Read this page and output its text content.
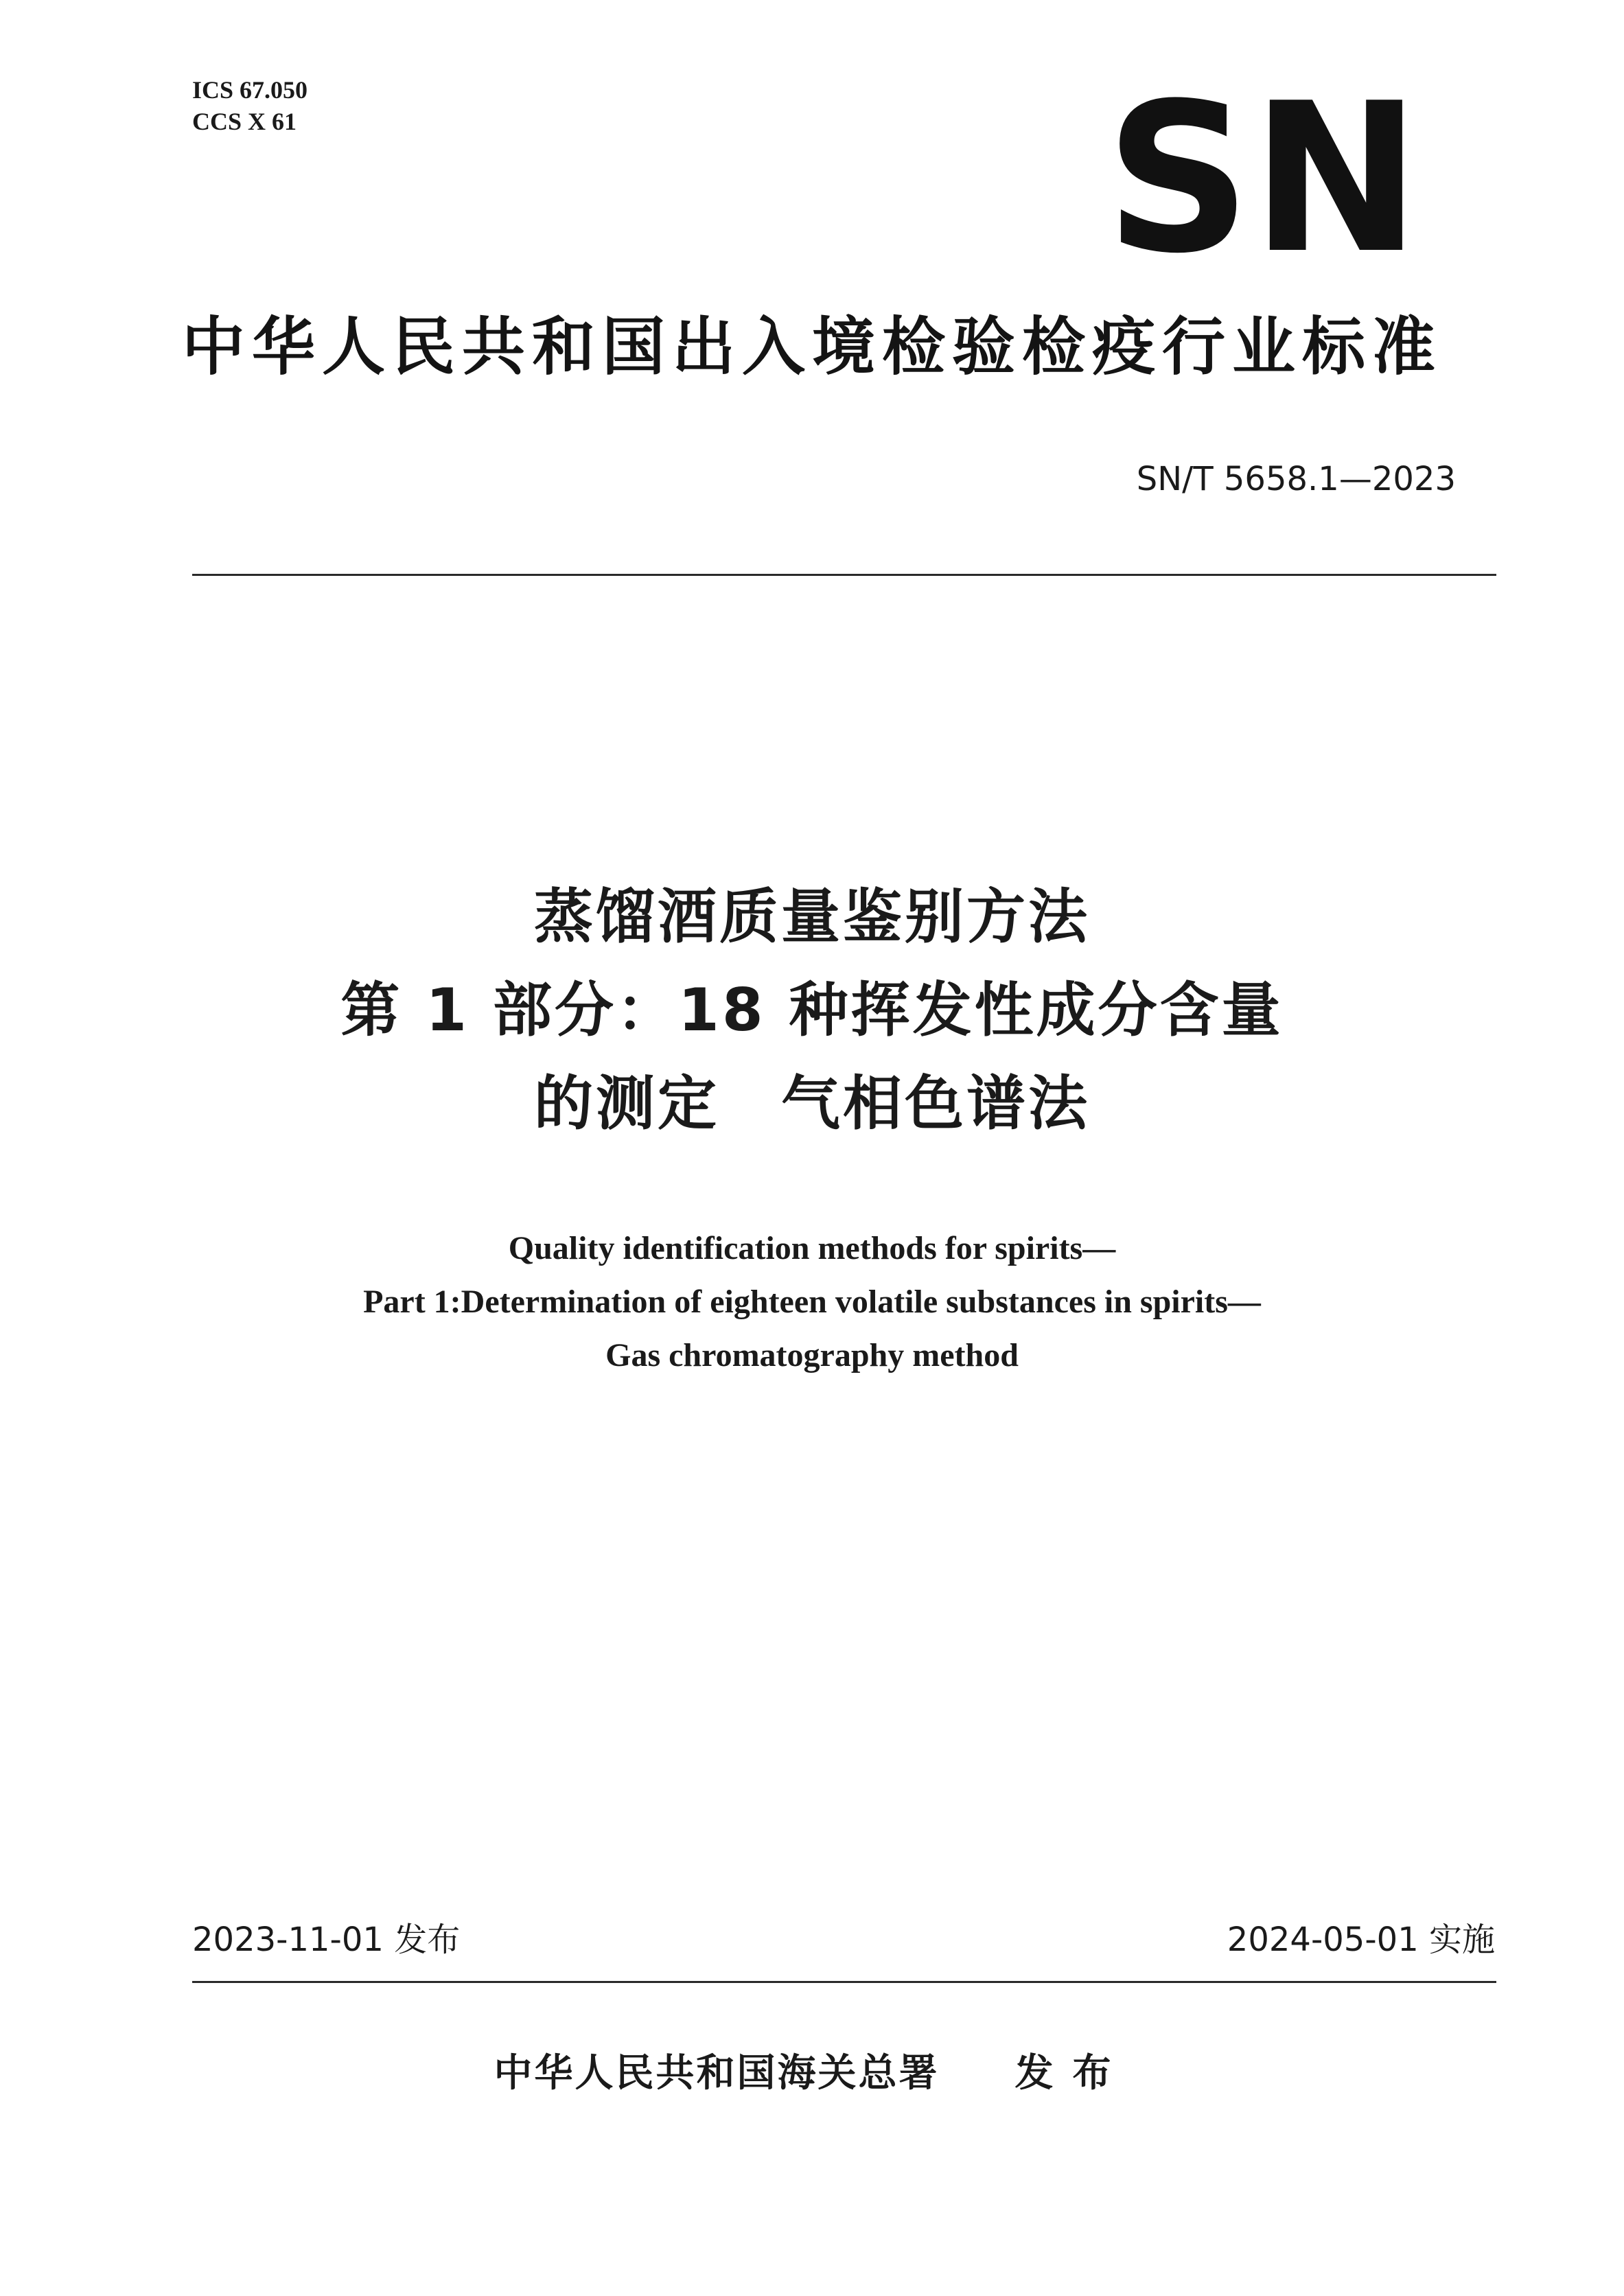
ICS 67.050
CCS X 61	SN
中华人民共和国出入境检验检疫行业标准
SN/T 5658.1—2023
蒸馏酒质量鉴别方法
第 1 部分：18 种挥发性成分含量
的测定　气相色谱法
Quality identification methods for spirits—
Part 1:Determination of eighteen volatile substances in spirits—
Gas chromatography method
2023-11-01 发布	2024-05-01 实施
中华人民共和国海关总署 发布
